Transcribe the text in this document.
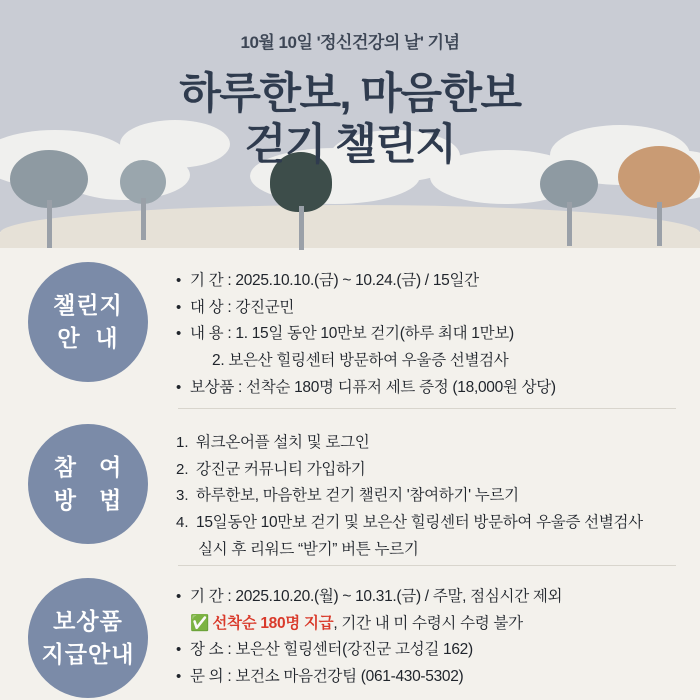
10월 10일 '정신건강의 날' 기념
하루한보, 마음한보
걷기 챌린지
챌린지
안  내
• 기 간 : 2025.10.10.(금) ~ 10.24.(금) / 15일간
• 대 상 : 강진군민
• 내 용 : 1. 15일 동안 10만보 걷기(하루 최대 1만보)
2. 보은산 힐링센터 방문하여 우울증 선별검사
• 보상품 : 선착순 180명 디퓨저 세트 증정 (18,000원 상당)
참   여
방   법
1. 워크온어플 설치 및 로그인
2. 강진군 커뮤니티 가입하기
3. 하루한보, 마음한보 걷기 챌린지 '참여하기' 누르기
4. 15일동안 10만보 걷기 및 보은산 힐링센터 방문하여 우울증 선별검사
실시 후 리워드 “받기” 버튼 누르기
보상품
지급안내
• 기 간 : 2025.10.20.(월) ~ 10.31.(금) / 주말, 점심시간 제외
✅ 선착순 180명 지급, 기간 내 미 수령시 수령 불가
• 장 소 : 보은산 힐링센터(강진군 고성길 162)
• 문 의 : 보건소 마음건강팀 (061-430-5302)
